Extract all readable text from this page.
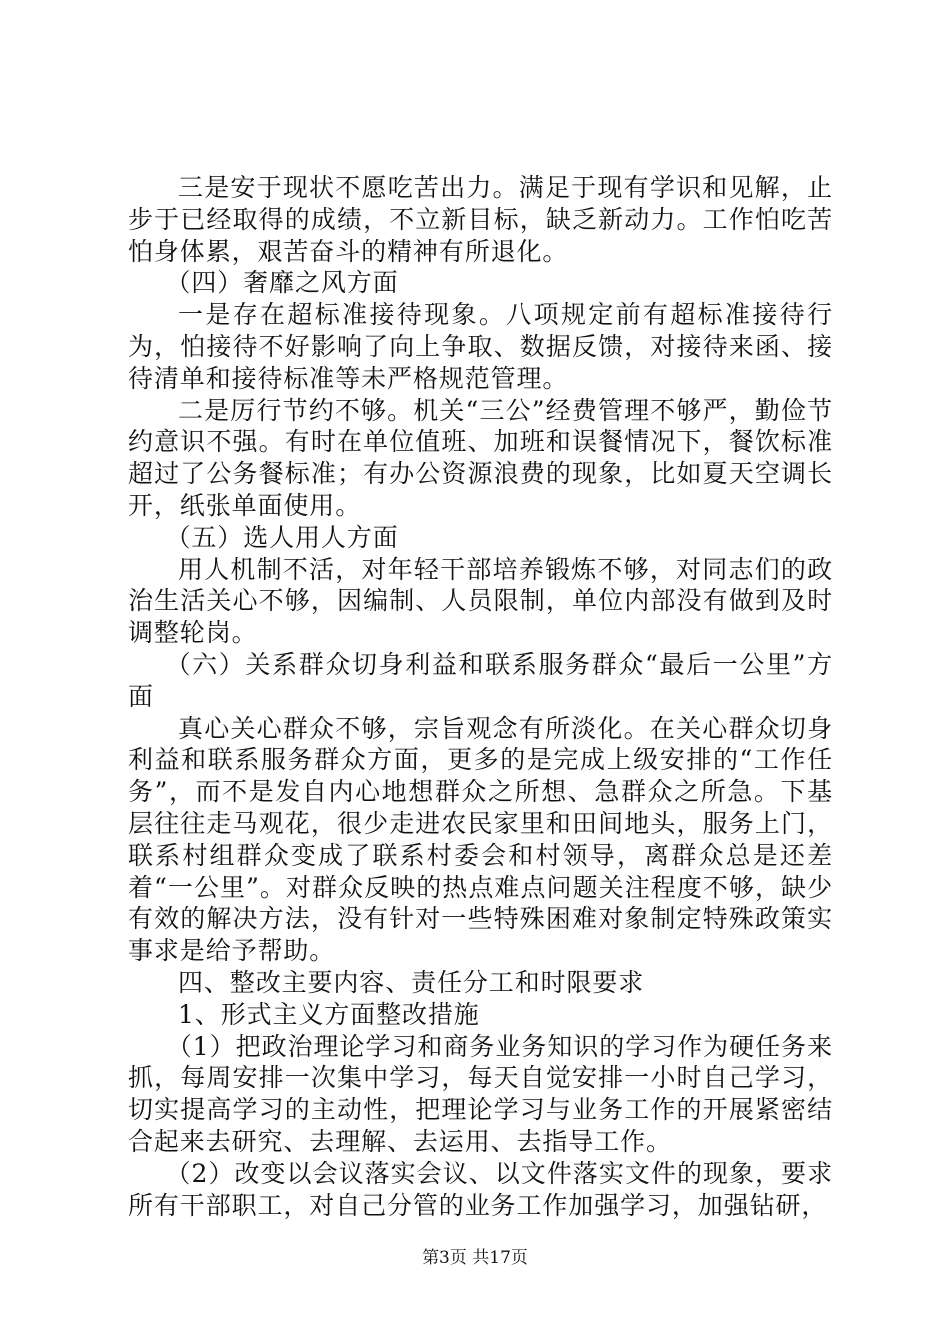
三是安于现状不愿吃苦出力。满足于现有学识和见解，止步于已经取得的成绩，不立新目标，缺乏新动力。工作怕吃苦怕身体累，艰苦奋斗的精神有所退化。

（四）奢靡之风方面

一是存在超标准接待现象。八项规定前有超标准接待行为，怕接待不好影响了向上争取、数据反馈，对接待来函、接待清单和接待标准等未严格规范管理。

二是厉行节约不够。机关“三公”经费管理不够严，勤俭节约意识不强。有时在单位值班、加班和误餐情况下，餐饮标准超过了公务餐标准；有办公资源浪费的现象，比如夏天空调长开，纸张单面使用。

（五）选人用人方面

用人机制不活，对年轻干部培养锻炼不够，对同志们的政治生活关心不够，因编制、人员限制，单位内部没有做到及时调整轮岗。

（六）关系群众切身利益和联系服务群众“最后一公里”方面

真心关心群众不够，宗旨观念有所淡化。在关心群众切身利益和联系服务群众方面，更多的是完成上级安排的“工作任务”，而不是发自内心地想群众之所想、急群众之所急。下基层往往走马观花，很少走进农民家里和田间地头，服务上门，联系村组群众变成了联系村委会和村领导，离群众总是还差着“一公里”。对群众反映的热点难点问题关注程度不够，缺少有效的解决方法，没有针对一些特殊困难对象制定特殊政策实事求是给予帮助。

四、整改主要内容、责任分工和时限要求

1、形式主义方面整改措施

（1）把政治理论学习和商务业务知识的学习作为硬任务来抓，每周安排一次集中学习，每天自觉安排一小时自己学习，切实提高学习的主动性，把理论学习与业务工作的开展紧密结合起来去研究、去理解、去运用、去指导工作。

（2）改变以会议落实会议、以文件落实文件的现象，要求所有干部职工，对自己分管的业务工作加强学习，加强钻研，

第3页 共17页
